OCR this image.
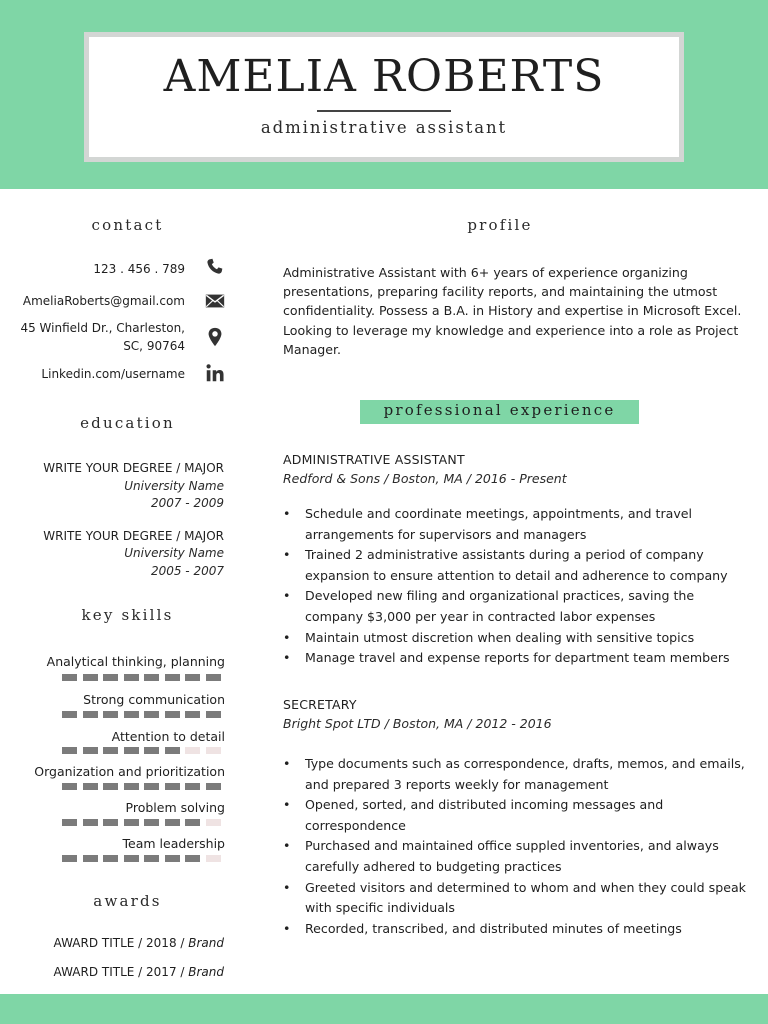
AMELIA ROBERTS
administrative assistant
contact
123 . 456 . 789
AmeliaRoberts@gmail.com
45 Winfield Dr., Charleston,
SC, 90764
Linkedin.com/username
education
WRITE YOUR DEGREE / MAJOR
University Name
2007 - 2009
WRITE YOUR DEGREE / MAJOR
University Name
2005 - 2007
key skills
Analytical thinking, planning
Strong communication
Attention to detail
Organization and prioritization
Problem solving
Team leadership
awards
AWARD TITLE / 2018 / Brand
AWARD TITLE / 2017 / Brand
profile
Administrative Assistant with 6+ years of experience organizing
presentations, preparing facility reports, and maintaining the utmost
confidentiality. Possess a B.A. in History and expertise in Microsoft Excel.
Looking to leverage my knowledge and experience into a role as Project
Manager.
professional experience
ADMINISTRATIVE ASSISTANT
Redford & Sons / Boston, MA / 2016 - Present
• Schedule and coordinate meetings, appointments, and travel arrangements for supervisors and managers
• Trained 2 administrative assistants during a period of company expansion to ensure attention to detail and adherence to company
• Developed new filing and organizational practices, saving the company $3,000 per year in contracted labor expenses
• Maintain utmost discretion when dealing with sensitive topics
• Manage travel and expense reports for department team members
SECRETARY
Bright Spot LTD / Boston, MA / 2012 - 2016
• Type documents such as correspondence, drafts, memos, and emails, and prepared 3 reports weekly for management
• Opened, sorted, and distributed incoming messages and correspondence
• Purchased and maintained office suppled inventories, and always carefully adhered to budgeting practices
• Greeted visitors and determined to whom and when they could speak with specific individuals
• Recorded, transcribed, and distributed minutes of meetings
